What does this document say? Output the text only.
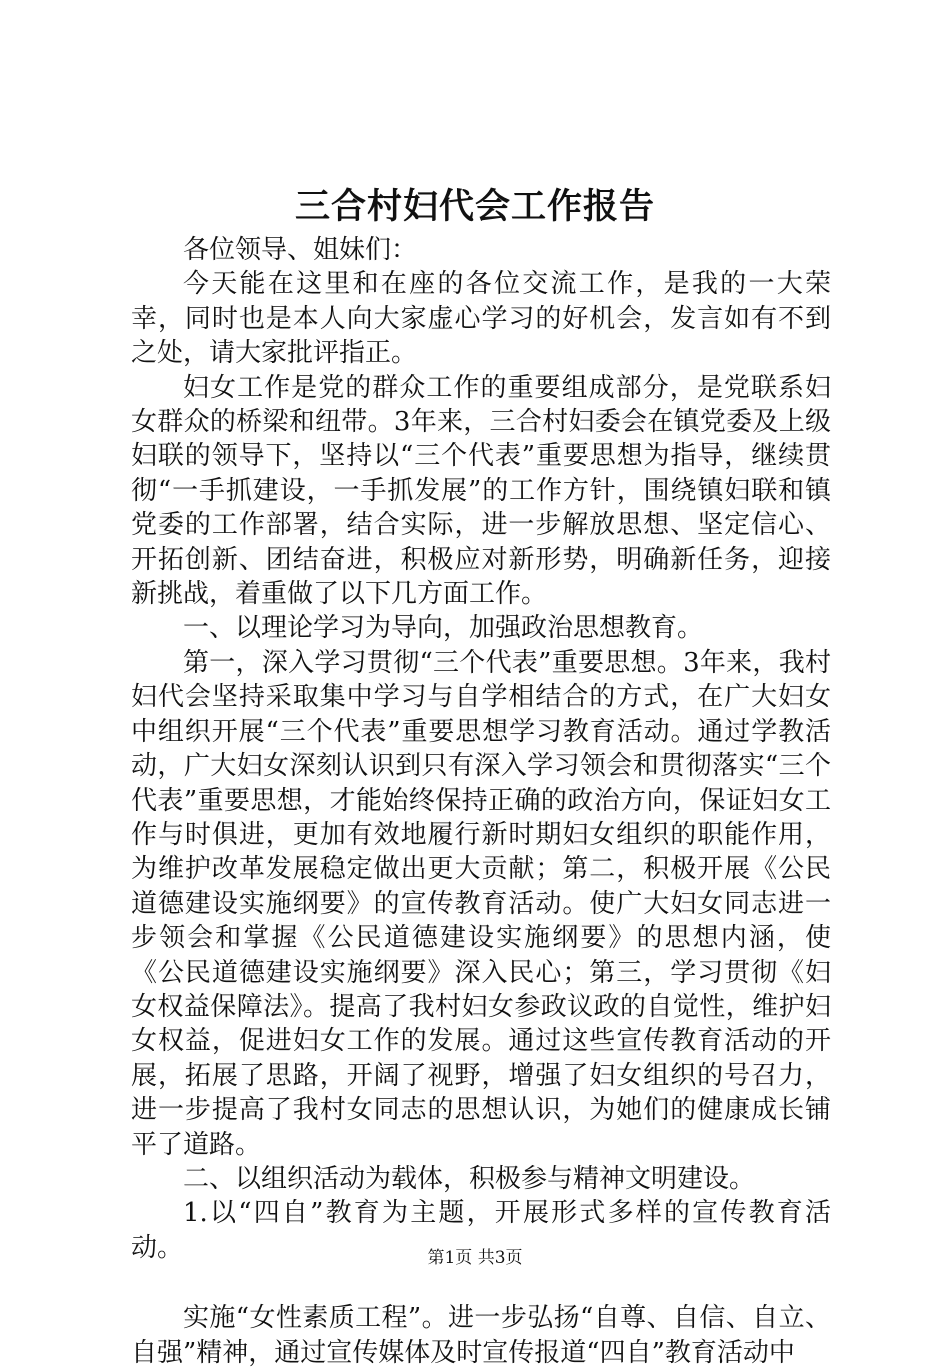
三合村妇代会工作报告

各位领导、姐妹们：

今天能在这里和在座的各位交流工作，是我的一大荣幸，同时也是本人向大家虚心学习的好机会，发言如有不到之处，请大家批评指正。

妇女工作是党的群众工作的重要组成部分，是党联系妇女群众的桥梁和纽带。3年来，三合村妇委会在镇党委及上级妇联的领导下，坚持以“三个代表”重要思想为指导，继续贯彻“一手抓建设，一手抓发展”的工作方针，围绕镇妇联和镇党委的工作部署，结合实际，进一步解放思想、坚定信心、开拓创新、团结奋进，积极应对新形势，明确新任务，迎接新挑战，着重做了以下几方面工作。

一、以理论学习为导向，加强政治思想教育。

第一，深入学习贯彻“三个代表”重要思想。3年来，我村妇代会坚持采取集中学习与自学相结合的方式，在广大妇女中组织开展“三个代表”重要思想学习教育活动。通过学教活动，广大妇女深刻认识到只有深入学习领会和贯彻落实“三个代表”重要思想，才能始终保持正确的政治方向，保证妇女工作与时俱进，更加有效地履行新时期妇女组织的职能作用，为维护改革发展稳定做出更大贡献；第二，积极开展《公民道德建设实施纲要》的宣传教育活动。使广大妇女同志进一步领会和掌握《公民道德建设实施纲要》的思想内涵，使《公民道德建设实施纲要》深入民心；第三，学习贯彻《妇女权益保障法》。提高了我村妇女参政议政的自觉性，维护妇女权益，促进妇女工作的发展。通过这些宣传教育活动的开展，拓展了思路，开阔了视野，增强了妇女组织的号召力，进一步提高了我村女同志的思想认识，为她们的健康成长铺平了道路。

二、以组织活动为载体，积极参与精神文明建设。

1.以“四自”教育为主题，开展形式多样的宣传教育活动。

实施“女性素质工程”。进一步弘扬“自尊、自信、自立、自强”精神，通过宣传媒体及时宣传报道“四自”教育活动中

第1页 共3页
